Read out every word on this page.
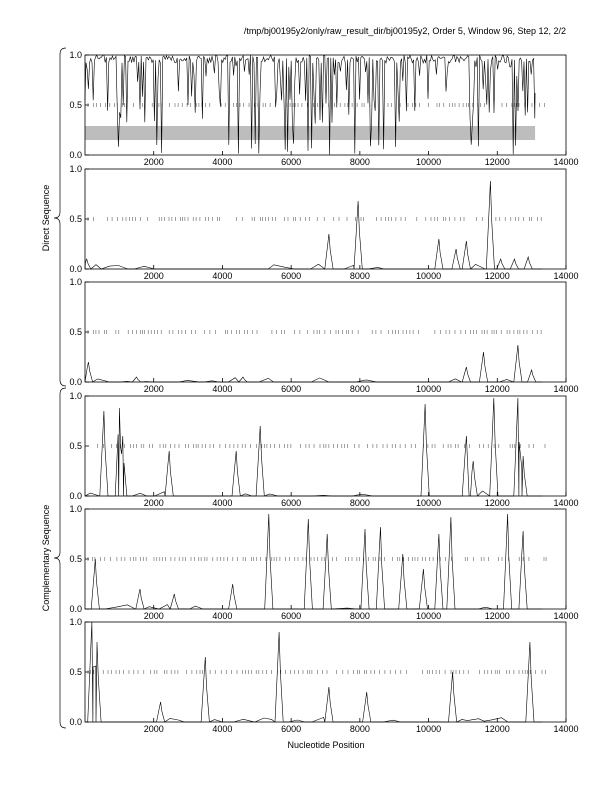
/tmp/bj00195y2/only/raw_result_dir/bj00195y2, Order 5, Window 96, Step 12, 2/2
2000	4000	6000	8000	10000	12000	14000
0.0
0.5
1.0
2000	4000	6000	8000	10000	12000	14000
0.0
0.5
1.0
2000	4000	6000	8000	10000	12000	14000
0.0
0.5
1.0
2000	4000	6000	8000	10000	12000	14000
0.0
0.5
1.0
2000	4000	6000	8000	10000	12000	14000
0.0
0.5
1.0
2000	4000	6000	8000	10000	12000	14000
0.0
0.5
1.0
Nucleotide Position
Direct Sequence
Complementary Sequence
